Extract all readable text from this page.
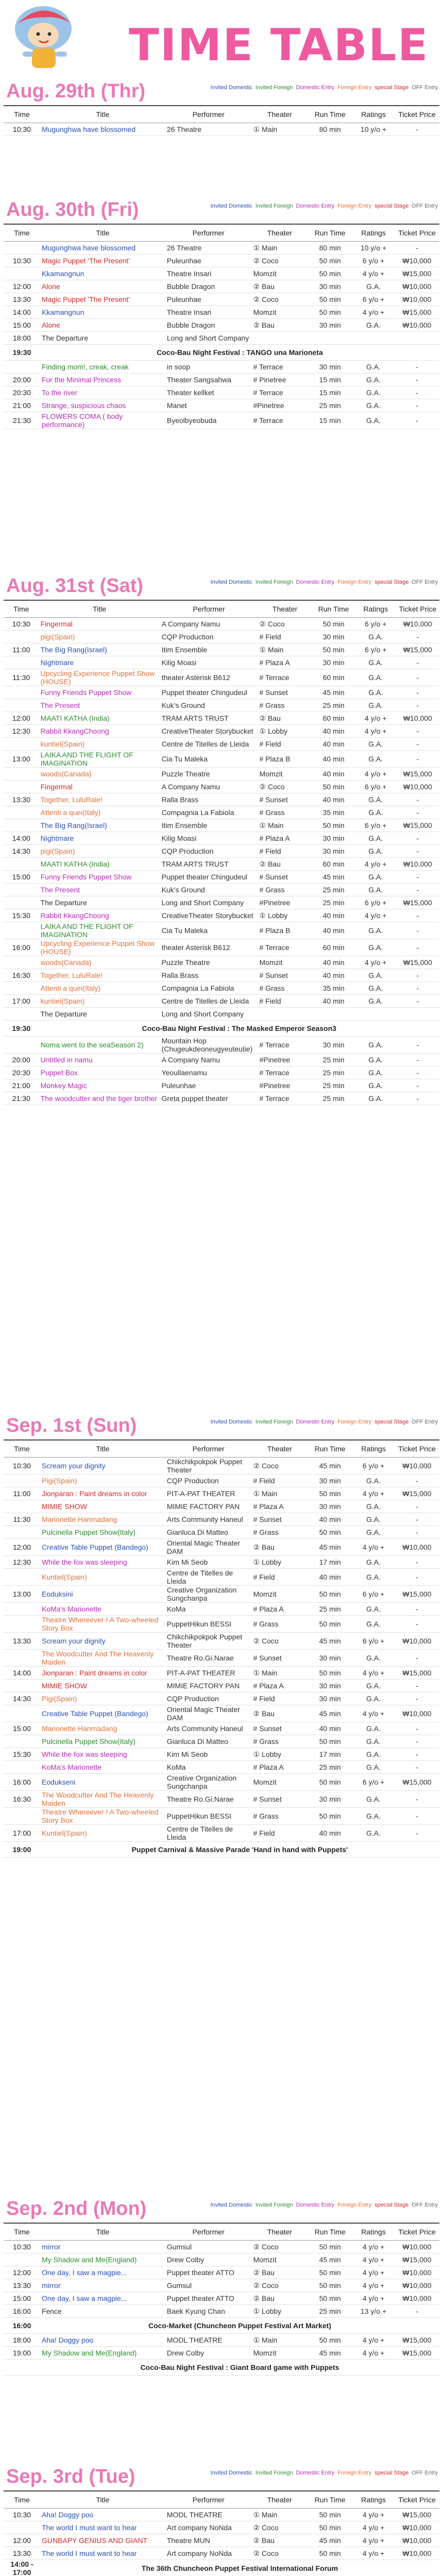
TIME TABLE
Aug. 29th (Thr)	Invited Domestic Invited Foreign Domestic Entry Foreign Entry special Stage OFF Entry
Time	Title	Performer	Theater	Run Time	Ratings	Ticket Price
10:30	Mugunghwa have blossomed	26 Theatre	① Main	80 min	10 y/o +	-
Aug. 30th (Fri)	Invited Domestic Invited Foreign Domestic Entry Foreign Entry special Stage OFF Entry
Time	Title	Performer	Theater	Run Time	Ratings	Ticket Price
	Mugunghwa have blossomed	26 Theatre	① Main	80 min	10 y/o +	-
10:30	Magic Puppet 'The Present'	Puleunhae	② Coco	50 min	6 y/o +	₩10,000
	Kkamangnun	Theatre Insari	Momzit	50 min	4 y/o +	₩15,000
12:00	Alone	Bubble Dragon	② Bau	30 min	G.A.	₩10,000
13:30	Magic Puppet 'The Present'	Puleunhae	② Coco	50 min	6 y/o +	₩10,000
14:00	Kkamangnun	Theatre Insari	Momzit	50 min	4 y/o +	₩15,000
15:00	Alone	Bubble Dragon	② Bau	30 min	G.A.	₩10,000
18:00	The Departure	Long and Short Company				
19:30	Coco-Bau Night Festival : TANGO una Marioneta					
	Finding mom!, creak, creak	in soop	# Terrace	30 min	G.A.	-
20:00	For the Minimal Princess	Theater Sangsahwa	# Pinetree	15 min	G.A.	-
20:30	To the river	Theater kellket	# Terrace	15 min	G.A.	-
21:00	Strange, suspicious chaos	Manet	#Pinetree	25 min	G.A.	-
21:30	FLOWERS COMA ( body performance)	Byeolbyeobuda	# Terrace	15 min	G.A.	-
Aug. 31st (Sat)	Invited Domestic Invited Foreign Domestic Entry Foreign Entry special Stage OFF Entry
Time	Title	Performer	Theater	Run Time	Ratings	Ticket Price
10:30	Fingermal	A Company Namu	② Coco	50 min	6 y/o +	₩10,000
	pigi(Spain)	CQP Production	# Field	30 min	G.A.	-
11:00	The Big Rang(Israel)	Itim Ensemble	① Main	50 min	6 y/o +	₩15,000
	Nightmare	Kilig Moasi	# Plaza A	30 min	G.A.	-
11:30	Upcycling Experience Puppet Show (HOUSE)	theater Asterisk B612	# Terrace	60 min	G.A.	-
	Funny Friends Puppet Show	Puppet theater Chingudeul	# Sunset	45 min	G.A.	-
	The Present	Kuk's Ground	# Grass	25 min	G.A.	-
12:00	MAATI KATHA (India)	TRAM ARTS TRUST	② Bau	60 min	4 y/o +	₩10,000
12:30	Rabbit KkangChoong	CreativeTheater Storybucket	① Lobby	40 min	4 y/o +	-
	kuntiel(Spain)	Centre de Titelles de Lleida	# Field	40 min	G.A.	-
13:00	LAIKA AND THE FLIGHT OF IMAGINATION	Cia Tu Maleka	# Plaza B	40 min	G.A.	-
	woods(Canada)	Puzzle Theatre	Momzit	40 min	4 y/o +	₩15,000
	Fingermal	A Company Namu	② Coco	50 min	6 y/o +	₩10,000
13:30	Together, LuluRale!	Ralla Brass	# Sunset	40 min	G.A.	-
	Attenti a quei(Italy)	Compagnia La Fabiola	# Grass	35 min	G.A.	-
	The Big Rang(Israel)	Itim Ensemble	① Main	50 min	6 y/o +	₩15,000
14:00	Nightmare	Kilig Moasi	# Plaza A	30 min	G.A.	-
14:30	pigi(Spain)	CQP Production	# Field	30 min	G.A.	-
	MAATI KATHA (India)	TRAM ARTS TRUST	② Bau	60 min	4 y/o +	₩10,000
15:00	Funny Friends Puppet Show	Puppet theater Chingudeul	# Sunset	45 min	G.A.	-
	The Present	Kuk's Ground	# Grass	25 min	G.A.	-
	The Departure	Long and Short Company	#Pinetree	25 min	6 y/o +	₩15,000
15:30	Rabbit KkangChoong	CreativeTheater Storybucket	① Lobby	40 min	4 y/o +	-
	LAIKA AND THE FLIGHT OF IMAGINATION	Cia Tu Maleka	# Plaza B	40 min	G.A.	-
16:00	Upcycling Experience Puppet Show (HOUSE)	theater Asterisk B612	# Terrace	60 min	G.A.	-
	woods(Canada)	Puzzle Theatre	Momzit	40 min	4 y/o +	₩15,000
16:30	Together, LuluRale!	Ralla Brass	# Sunset	40 min	G.A.	-
	Attenti a quei(Italy)	Compagnia La Fabiola	# Grass	35 min	G.A.	-
17:00	kuntiel(Spain)	Centre de Titelles de Lleida	# Field	40 min	G.A.	-
	The Departure	Long and Short Company				
19:30	Coco-Bau Night Festival : The Masked Emperor Season3					
	Noma went to the seaSeason 2)	Mountain Hop (Chugeukdeoneugyeuteutie)	# Terrace	30 min	G.A.	-
20:00	Untitled in namu	A Company Namu	#Pinetree	25 min	G.A.	-
20:30	Puppet Box	Yeoullaenamu	# Terrace	25 min	G.A.	-
21:00	Monkey Magic	Puleunhae	#Pinetree	25 min	G.A.	-
21:30	The woodcutter and the tiger brother	Greta puppet theater	# Terrace	25 min	G.A.	-
Sep. 1st (Sun)	Invited Domestic Invited Foreign Domestic Entry Foreign Entry special Stage OFF Entry
Time	Title	Performer	Theater	Run Time	Ratings	Ticket Price
10:30	Scream your dignity	Chikchikpokpok Puppet Theater	② Coco	45 min	6 y/o +	₩10,000
	Pigi(Spain)	CQP Production	# Field	30 min	G.A.	-
11:00	Jionparan : Paint dreams in color	PIT-A-PAT THEATER	① Main	50 min	4 y/o +	₩15,000
	MIMIE SHOW	MIMIE FACTORY PAN	# Plaza A	30 min	G.A.	-
11:30	Marionette Hanmadang	Arts Community Haneul	# Sunset	40 min	G.A.	-
	Pulcinella Puppet Show(Italy)	Gianluca Di Matteo	# Grass	50 min	G.A.	-
12:00	Creative Table Puppet (Bandego)	Oriental Magic Theater DAM	② Bau	45 min	4 y/o +	₩10,000
12:30	While the fox was sleeping	Kim Mi Seob	① Lobby	17 min	G.A.	-
	Kuntiel(Spain)	Centre de Titelles de Lleida	# Field	40 min	G.A.	-
13:00	Eoduksini	Creative Organization Sungchanpa	Momzit	50 min	6 y/o +	₩15,000
	KoMa's Marionette	KoMa	# Plaza A	25 min	G.A.	-
	Theatre Whereever ! A Two-wheeled Story Box	PuppetHikun BESSI	# Grass	50 min	G.A.	-
13:30	Scream your dignity	Chikchikpokpok Puppet Theater	② Coco	45 min	6 y/o +	₩10,000
	The Woodcutter And The Heavenly Maiden	Theatre Ro.Gi.Narae	# Sunset	30 min	G.A.	-
14:00	Jionparan : Paint dreams in color	PIT-A-PAT THEATER	① Main	50 min	4 y/o +	₩15,000
	MIMIE SHOW	MIMIE FACTORY PAN	# Plaza A	30 min	G.A.	-
14:30	Pigi(Spain)	CQP Production	# Field	30 min	G.A.	-
	Creative Table Puppet (Bandego)	Oriental Magic Theater DAM	② Bau	45 min	4 y/o +	₩10,000
15:00	Marionette Hanmadang	Arts Community Haneul	# Sunset	40 min	G.A.	-
	Pulcinella Puppet Show(Italy)	Gianluca Di Matteo	# Grass	50 min	G.A.	-
15:30	While the fox was sleeping	Kim Mi Seob	① Lobby	17 min	G.A.	-
	KoMa's Marionette	KoMa	# Plaza A	25 min	G.A.	-
16:00	Eodukseni	Creative Organization Sungchanpa	Momzit	50 min	6 y/o +	₩15,000
16:30	The Woodcutter And The Heavenly Maiden	Theatre Ro.Gi.Narae	# Sunset	30 min	G.A.	-
	Theatre Whereever ! A Two-wheeled Story Box	PuppetHikun BESSI	# Grass	50 min	G.A.	-
17:00	Kuntiel(Spain)	Centre de Titelles de Lleida	# Field	40 min	G.A.	-
19:00	Puppet Carnival & Massive Parade 'Hand in hand with Puppets'					
Sep. 2nd (Mon)	Invited Domestic Invited Foreign Domestic Entry Foreign Entry special Stage OFF Entry
Time	Title	Performer	Theater	Run Time	Ratings	Ticket Price
10:30	mirror	Gumsul	② Coco	50 min	4 y/o +	₩10,000
	My Shadow and Me(England)	Drew Colby	Momzit	45 min	4 y/o +	₩15,000
12:00	One day, I saw a magpie...	Puppet theater ATTO	② Bau	50 min	4 y/o +	₩10,000
13:30	mirror	Gumsul	② Coco	50 min	4 y/o +	₩10,000
15:00	One day, I saw a magpie...	Puppet theater ATTO	② Bau	50 min	4 y/o +	₩10,000
16:00	Fence	Baek Kyung Chan	① Lobby	25 min	13 y/o +	-
16:00	Coco-Market (Chuncheon Puppet Festival Art Market)					
18:00	Aha! Doggy poo	MODL THEATRE	① Main	50 min	4 y/o +	₩15,000
19:00	My Shadow and Me(England)	Drew Colby	Momzit	45 min	4 y/o +	₩15,000
	Coco-Bau Night Festival : Giant Board game with Puppets					
Sep. 3rd (Tue)	Invited Domestic Invited Foreign Domestic Entry Foreign Entry special Stage OFF Entry
Time	Title	Performer	Theater	Run Time	Ratings	Ticket Price
10:30	Aha! Doggy poo	MODL THEATRE	① Main	50 min	4 y/o +	₩15,000
	The world I must want to hear	Art company NoNda	② Coco	50 min	4 y/o +	₩10,000
12:00	GUNBAPY GENIUS AND GIANT	Theatre MUN	② Bau	45 min	4 y/o +	₩10,000
13:30	The world I must want to hear	Art company NoNda	② Coco	50 min	4 y/o +	₩10,000
14:00 - 17:00	The 36th Chuncheon Puppet Festival International Forum					
